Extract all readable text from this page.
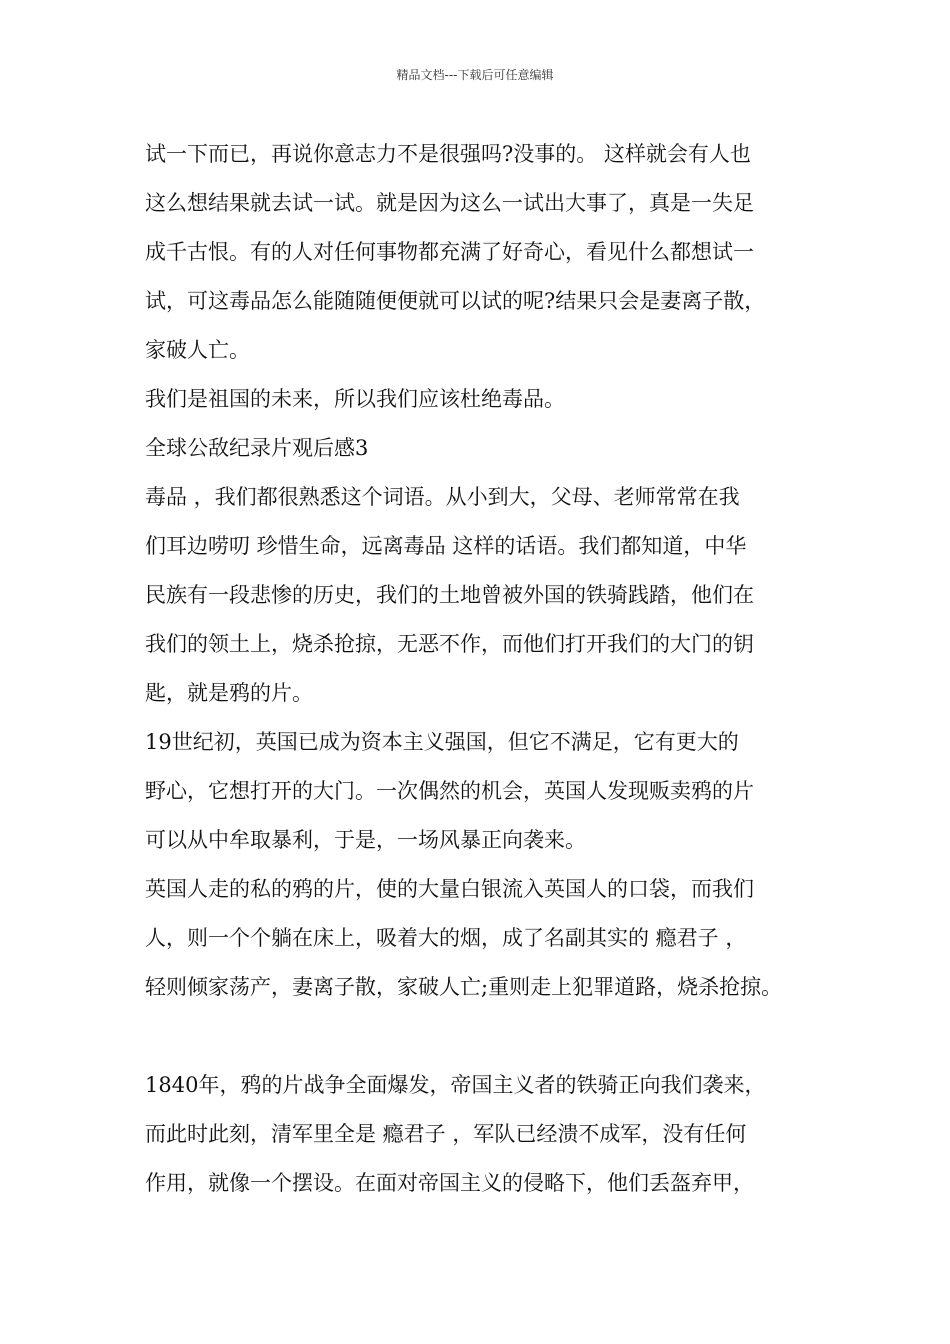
精品文档---下载后可任意编辑
试一下而已，再说你意志力不是很强吗?没事的。 这样就会有人也
这么想结果就去试一试。就是因为这么一试出大事了，真是一失足
成千古恨。有的人对任何事物都充满了好奇心，看见什么都想试一
试，可这毒品怎么能随随便便就可以试的呢?结果只会是妻离子散，
家破人亡。
我们是祖国的未来，所以我们应该杜绝毒品。
全球公敌纪录片观后感3
毒品 ，我们都很熟悉这个词语。从小到大，父母、老师常常在我
们耳边唠叨 珍惜生命，远离毒品 这样的话语。我们都知道，中华
民族有一段悲惨的历史，我们的土地曾被外国的铁骑践踏，他们在
我们的领土上，烧杀抢掠，无恶不作，而他们打开我们的大门的钥
匙，就是鸦的片。
19世纪初，英国已成为资本主义强国，但它不满足，它有更大的
野心，它想打开的大门。一次偶然的机会，英国人发现贩卖鸦的片
可以从中牟取暴利，于是，一场风暴正向袭来。
英国人走的私的鸦的片，使的大量白银流入英国人的口袋，而我们
人，则一个个躺在床上，吸着大的烟，成了名副其实的 瘾君子 ，
轻则倾家荡产，妻离子散，家破人亡;重则走上犯罪道路，烧杀抢掠。
1840年，鸦的片战争全面爆发，帝国主义者的铁骑正向我们袭来，
而此时此刻，清军里全是 瘾君子 ，军队已经溃不成军，没有任何
作用，就像一个摆设。在面对帝国主义的侵略下，他们丢盔弃甲，
